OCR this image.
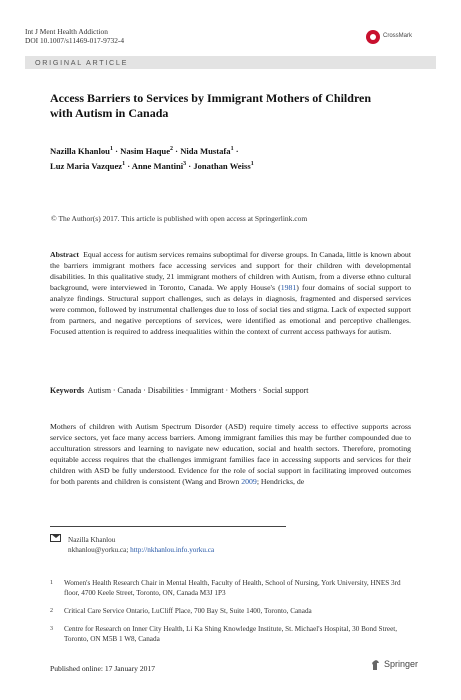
Int J Ment Health Addiction
DOI 10.1007/s11469-017-9732-4
CrossMark
ORIGINAL ARTICLE
Access Barriers to Services by Immigrant Mothers of Children with Autism in Canada
Nazilla Khanlou$^1$ · Nasim Haque$^2$ · Nida Mustafa$^1$ ·
Luz Maria Vazquez$^1$ · Anne Mantini$^3$ · Jonathan Weiss$^1$
© The Author(s) 2017. This article is published with open access at Springerlink.com
Abstract Equal access for autism services remains suboptimal for diverse groups. In Canada, little is known about the barriers immigrant mothers face accessing services and support for their children with developmental disabilities. In this qualitative study, 21 immigrant mothers of children with Autism, from a diverse ethno cultural background, were interviewed in Toronto, Canada. We apply House's (1981) four domains of social support to analyze findings. Structural support challenges, such as delays in diagnosis, fragmented and dispersed services were common, followed by instrumental challenges due to loss of social ties and stigma. Lack of expected support from partners, and negative perceptions of services, were identified as emotional and perceptive challenges. Focused attention is required to address inequalities within the context of current access pathways for autism.
Keywords Autism · Canada · Disabilities · Immigrant · Mothers · Social support
Mothers of children with Autism Spectrum Disorder (ASD) require timely access to effective supports across service sectors, yet face many access barriers. Among immigrant families this may be further compounded due to acculturation stressors and learning to navigate new education, social and health sectors. Therefore, promoting equitable access requires that the challenges immigrant families face in accessing supports and services for their children with ASD be fully understood. Evidence for the role of social support in facilitating improved outcomes for both parents and children is consistent (Wang and Brown 2009; Hendricks, de
Nazilla Khanlou
nkhanlou@yorku.ca; http://nkhanlou.info.yorku.ca
1 Women's Health Research Chair in Mental Health, Faculty of Health, School of Nursing, York University, HNES 3rd floor, 4700 Keele Street, Toronto, ON, Canada M3J 1P3
2 Critical Care Service Ontario, LuCliff Place, 700 Bay St, Suite 1400, Toronto, Canada
3 Centre for Research on Inner City Health, Li Ka Shing Knowledge Institute, St. Michael's Hospital, 30 Bond Street, Toronto, ON M5B 1 W8, Canada
Published online: 17 January 2017	Springer
